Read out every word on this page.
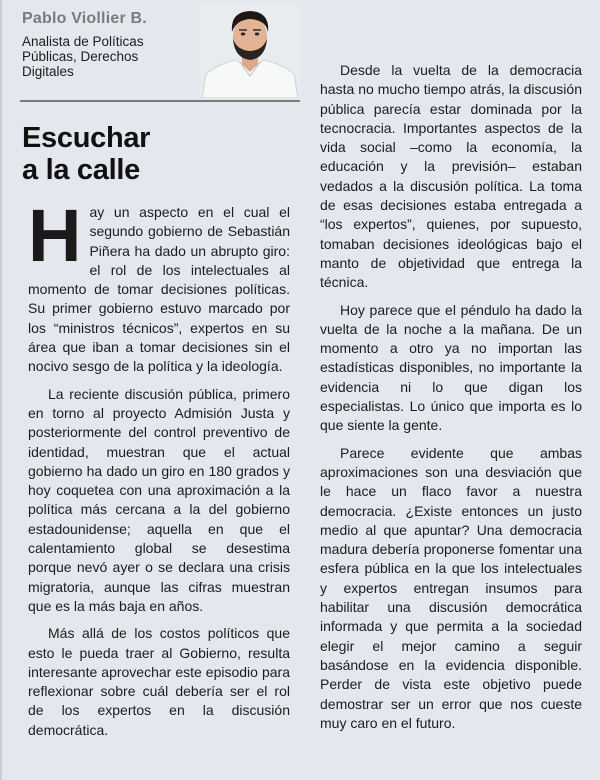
Pablo Viollier B.
Analista de Políticas Públicas, Derechos Digitales
Escuchar
a la calle

Hay un aspecto en el cual el segundo gobierno de Sebastián Piñera ha dado un abrupto giro: el rol de los intelectuales al momento de tomar decisiones políticas. Su primer gobierno estuvo marcado por los “ministros técnicos”, expertos en su área que iban a tomar decisiones sin el nocivo sesgo de la política y la ideología.

La reciente discusión pública, primero en torno al proyecto Admisión Justa y posteriormente del control preventivo de identidad, muestran que el actual gobierno ha dado un giro en 180 grados y hoy coquetea con una aproximación a la política más cercana a la del gobierno estadounidense; aquella en que el calentamiento global se desestima porque nevó ayer o se declara una crisis migratoria, aunque las cifras muestran que es la más baja en años.

Más allá de los costos políticos que esto le pueda traer al Gobierno, resulta interesante aprovechar este episodio para reflexionar sobre cuál debería ser el rol de los expertos en la discusión democrática.

Desde la vuelta de la democracia hasta no mucho tiempo atrás, la discusión pública parecía estar dominada por la tecnocracia. Importantes aspectos de la vida social –como la economía, la educación y la previsión– estaban vedados a la discusión política. La toma de esas decisiones estaba entregada a “los expertos”, quienes, por supuesto, tomaban decisiones ideológicas bajo el manto de objetividad que entrega la técnica.

Hoy parece que el péndulo ha dado la vuelta de la noche a la mañana. De un momento a otro ya no importan las estadísticas disponibles, no importante la evidencia ni lo que digan los especialistas. Lo único que importa es lo que siente la gente.

Parece evidente que ambas aproximaciones son una desviación que le hace un flaco favor a nuestra democracia. ¿Existe entonces un justo medio al que apuntar? Una democracia madura debería proponerse fomentar una esfera pública en la que los intelectuales y expertos entregan insumos para habilitar una discusión democrática informada y que permita a la sociedad elegir el mejor camino a seguir basándose en la evidencia disponible. Perder de vista este objetivo puede demostrar ser un error que nos cueste muy caro en el futuro.
